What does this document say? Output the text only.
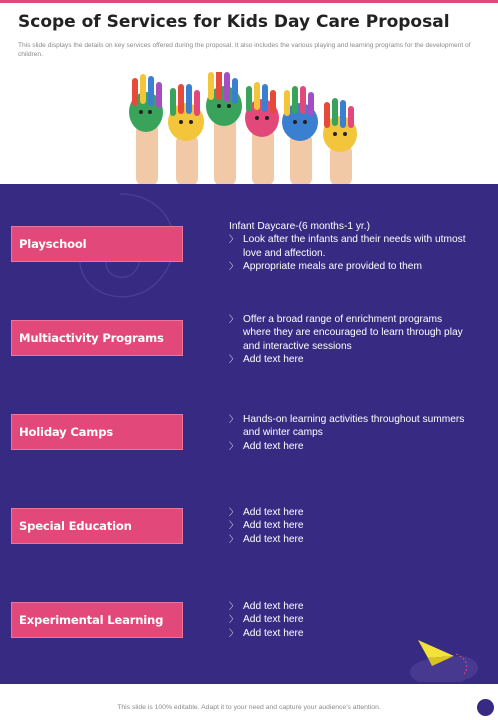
Scope of Services for Kids Day Care Proposal
This slide displays the details on key services offered during the proposal. It also includes the various playing and learning programs for the development of children.
Playschool
Multiactivity Programs
Holiday Camps
Special Education
Experimental Learning

Infant Daycare-(6 months-1 yr.)

〉 Look after the infants and their needs with utmost love and affection.
〉 Appropriate meals are provided to them
〉 Offer a broad range of enrichment programs where they are encouraged to learn through play and interactive sessions
〉 Add text here
〉 Hands-on learning activities throughout summers and winter camps
〉 Add text here
〉 Add text here
〉 Add text here
〉 Add text here
〉 Add text here
〉 Add text here
〉 Add text here
This slide is 100% editable. Adapt it to your need and capture your audience's attention.
